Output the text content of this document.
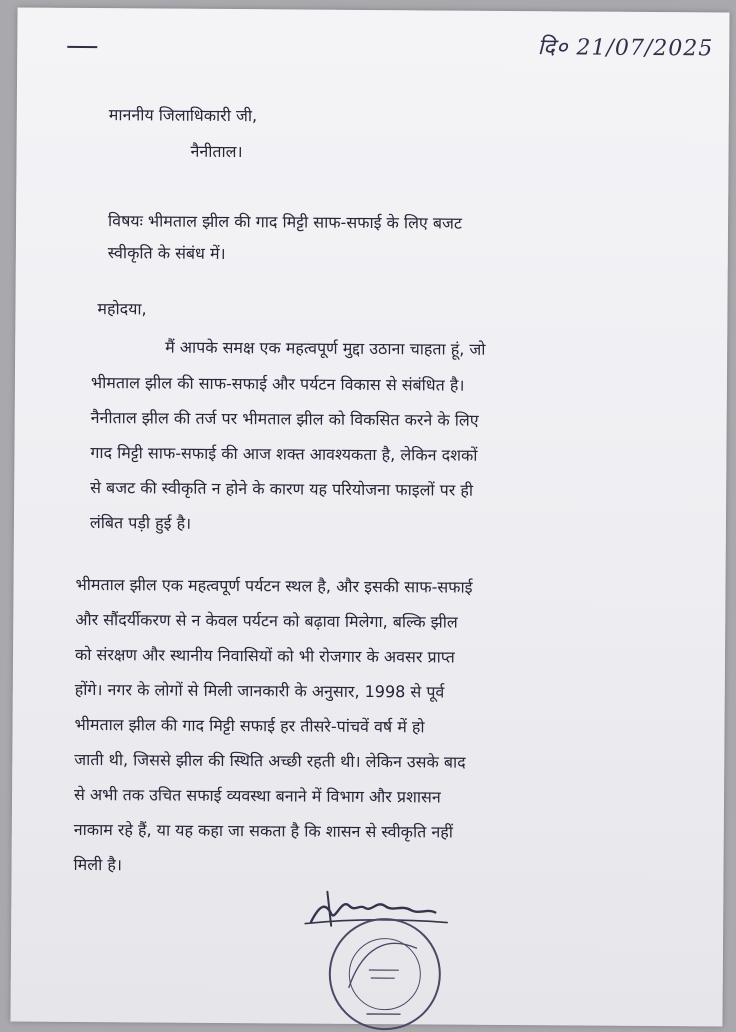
दि० 21/07/2025
माननीय जिलाधिकारी जी,
नैनीताल।
विषयः भीमताल झील की गाद मिट्टी साफ-सफाई के लिए बजट
स्वीकृति के संबंध में।
महोदया,
मैं आपके समक्ष एक महत्वपूर्ण मुद्दा उठाना चाहता हूं, जो
भीमताल झील की साफ-सफाई और पर्यटन विकास से संबंधित है।
नैनीताल झील की तर्ज पर भीमताल झील को विकसित करने के लिए
गाद मिट्टी साफ-सफाई की आज शक्त आवश्यकता है, लेकिन दशकों
से बजट की स्वीकृति न होने के कारण यह परियोजना फाइलों पर ही
लंबित पड़ी हुई है।
भीमताल झील एक महत्वपूर्ण पर्यटन स्थल है, और इसकी साफ-सफाई
और सौंदर्यीकरण से न केवल पर्यटन को बढ़ावा मिलेगा, बल्कि झील
को संरक्षण और स्थानीय निवासियों को भी रोजगार के अवसर प्राप्त
होंगे। नगर के लोगों से मिली जानकारी के अनुसार, 1998 से पूर्व
भीमताल झील की गाद मिट्टी सफाई हर तीसरे-पांचवें वर्ष में हो
जाती थी, जिससे झील की स्थिति अच्छी रहती थी। लेकिन उसके बाद
से अभी तक उचित सफाई व्यवस्था बनाने में विभाग और प्रशासन
नाकाम रहे हैं, या यह कहा जा सकता है कि शासन से स्वीकृति नहीं
मिली है।
